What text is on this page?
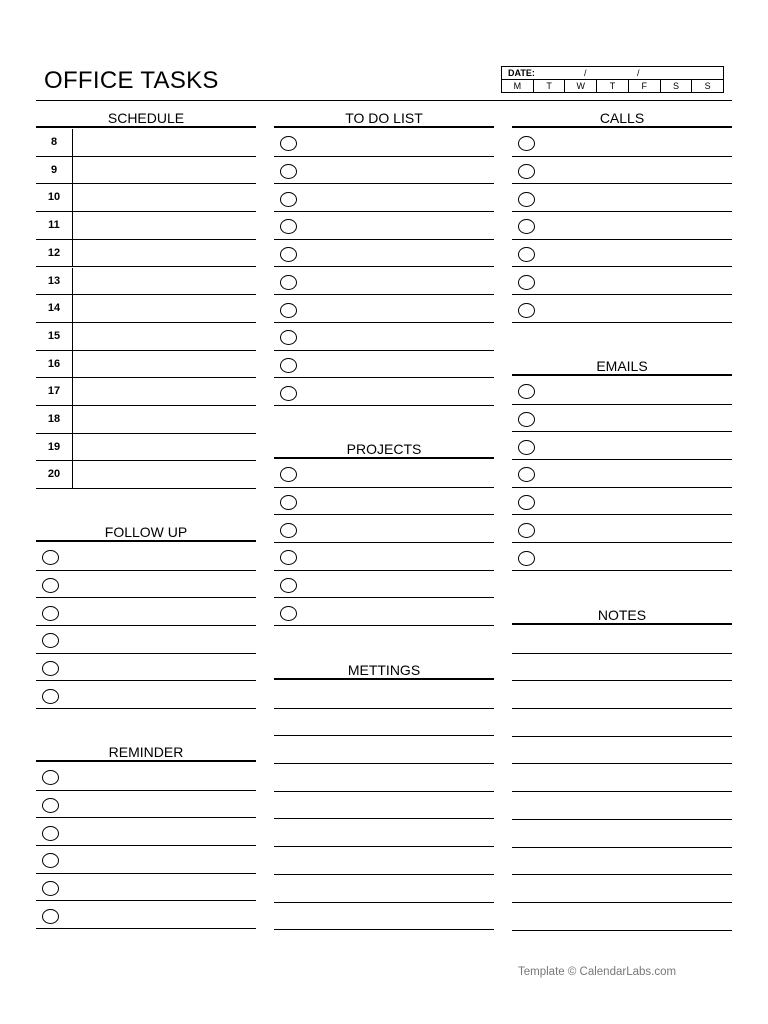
OFFICE TASKS	DATE:	/	/
M	T	W	T	F	S	S
SCHEDULE
8
9
10
11
12
13
14
15
16
17
18
19
20
TO DO LIST	CALLS
EMAILS
PROJECTS
FOLLOW UP
METTINGS
NOTES
REMINDER
Template © CalendarLabs.com
